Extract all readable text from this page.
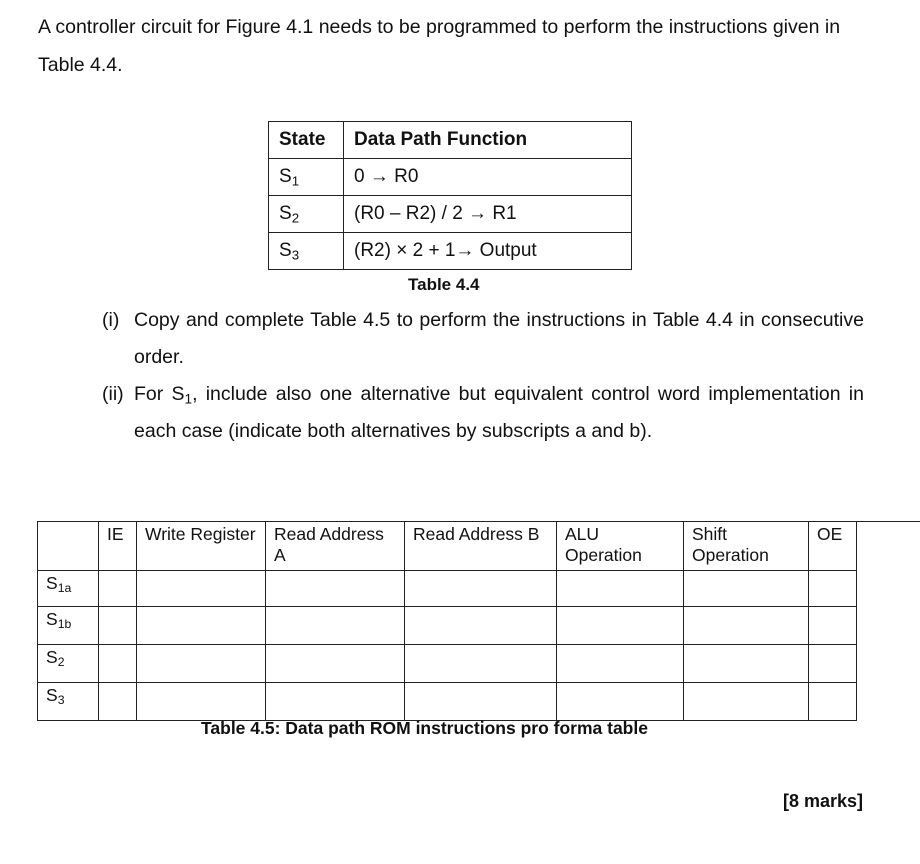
A controller circuit for Figure 4.1 needs to be programmed to perform the instructions given in Table 4.4.

State	Data Path Function
$S_1$	0 → R0
$S_2$	(R0 – R2) / 2 → R1
$S_3$	(R2) × 2 + 1→ Output

Table 4.4

(i) Copy and complete Table 4.5 to perform the instructions in Table 4.4 in consecutive order.
(ii) For $S_1$, include also one alternative but equivalent control word implementation in each case (indicate both alternatives by subscripts a and b).
	IE	Write Register	Read Address A	Read Address B	ALU Operation	Shift Operation	OE
$S_{1a}$							
$S_{1b}$							
$S_2$							
$S_3$							

Table 4.5: Data path ROM instructions pro forma table

[8 marks]
